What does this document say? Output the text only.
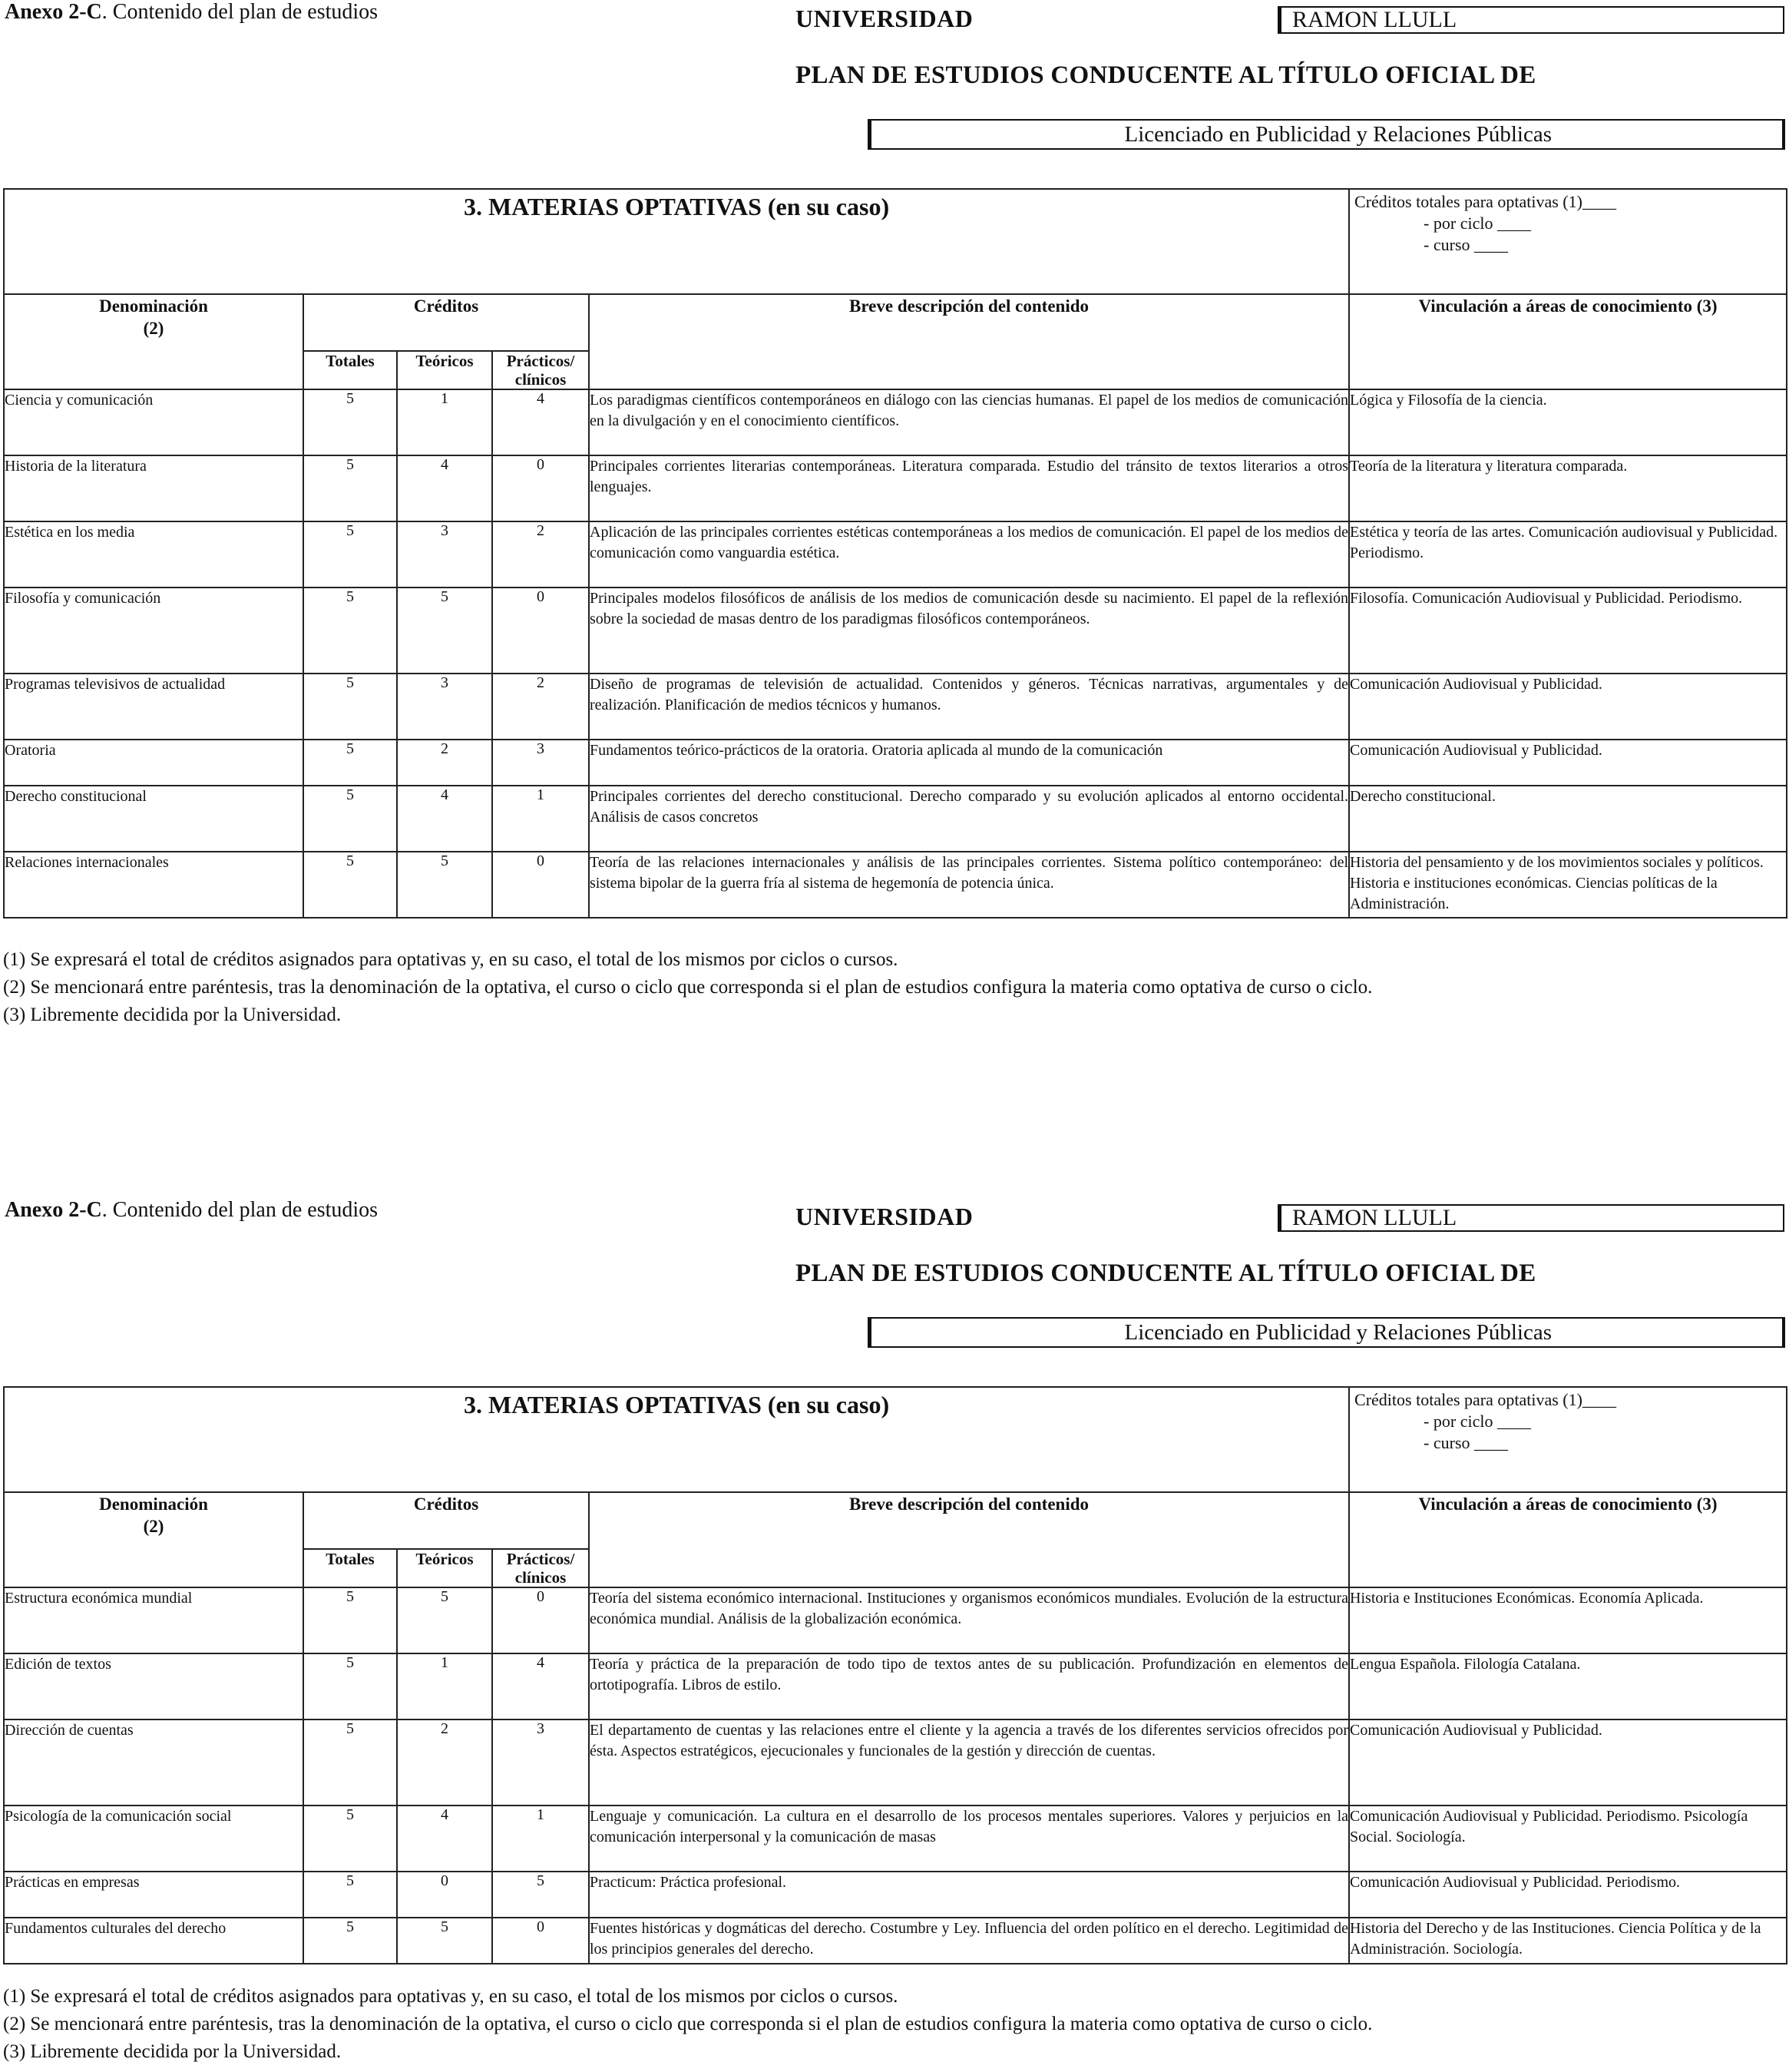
Anexo 2-C. Contenido del plan de estudios	UNIVERSIDAD	RAMON LLULL
PLAN DE ESTUDIOS CONDUCENTE AL TÍTULO OFICIAL DE
Licenciado en Publicidad y Relaciones Públicas
3. MATERIAS OPTATIVAS (en su caso)					Créditos totales para optativas (1)____
- por ciclo ____
- curso ____

Denominación
(2)	Créditos			Breve descripción del contenido	Vinculación a áreas de conocimiento (3)
	Totales	Teóricos	Prácticos/ clínicos		
Ciencia y comunicación	5	1	4	Los paradigmas científicos contemporáneos en diálogo con las ciencias humanas. El papel de los medios de comunicación en la divulgación y en el conocimiento científicos.	Lógica y Filosofía de la ciencia.
Historia de la literatura	5	4	0	Principales corrientes literarias contemporáneas. Literatura comparada. Estudio del tránsito de textos literarios a otros lenguajes.	Teoría de la literatura y literatura comparada.
Estética en los media	5	3	2	Aplicación de las principales corrientes estéticas contemporáneas a los medios de comunicación. El papel de los medios de comunicación como vanguardia estética.	Estética y teoría de las artes. Comunicación audiovisual y Publicidad. Periodismo.
Filosofía y comunicación	5	5	0	Principales modelos filosóficos de análisis de los medios de comunicación desde su nacimiento. El papel de la reflexión sobre la sociedad de masas dentro de los paradigmas filosóficos contemporáneos.	Filosofía. Comunicación Audiovisual y Publicidad. Periodismo.
Programas televisivos de actualidad	5	3	2	Diseño de programas de televisión de actualidad. Contenidos y géneros. Técnicas narrativas, argumentales y de realización. Planificación de medios técnicos y humanos.	Comunicación Audiovisual y Publicidad.
Oratoria	5	2	3	Fundamentos teórico-prácticos de la oratoria. Oratoria aplicada al mundo de la comunicación	Comunicación Audiovisual y Publicidad.
Derecho constitucional	5	4	1	Principales corrientes del derecho constitucional. Derecho comparado y su evolución aplicados al entorno occidental. Análisis de casos concretos	Derecho constitucional.
Relaciones internacionales	5	5	0	Teoría de las relaciones internacionales y análisis de las principales corrientes. Sistema político contemporáneo: del sistema bipolar de la guerra fría al sistema de hegemonía de potencia única.	Historia del pensamiento y de los movimientos sociales y políticos. Historia e instituciones económicas. Ciencias políticas de la Administración.
(1) Se expresará el total de créditos asignados para optativas y, en su caso, el total de los mismos por ciclos o cursos.
(2) Se mencionará entre paréntesis, tras la denominación de la optativa, el curso o ciclo que corresponda si el plan de estudios configura la materia como optativa de curso o ciclo.
(3) Libremente decidida por la Universidad.
Anexo 2-C. Contenido del plan de estudios	UNIVERSIDAD	RAMON LLULL
PLAN DE ESTUDIOS CONDUCENTE AL TÍTULO OFICIAL DE
Licenciado en Publicidad y Relaciones Públicas
3. MATERIAS OPTATIVAS (en su caso)					Créditos totales para optativas (1)____
- por ciclo ____
- curso ____

Denominación
(2)	Créditos			Breve descripción del contenido	Vinculación a áreas de conocimiento (3)
	Totales	Teóricos	Prácticos/ clínicos		
Estructura económica mundial	5	5	0	Teoría del sistema económico internacional. Instituciones y organismos económicos mundiales. Evolución de la estructura económica mundial. Análisis de la globalización económica.	Historia e Instituciones Económicas. Economía Aplicada.
Edición de textos	5	1	4	Teoría y práctica de la preparación de todo tipo de textos antes de su publicación. Profundización en elementos de ortotipografía. Libros de estilo.	Lengua Española. Filología Catalana.
Dirección de cuentas	5	2	3	El departamento de cuentas y las relaciones entre el cliente y la agencia a través de los diferentes servicios ofrecidos por ésta. Aspectos estratégicos, ejecucionales y funcionales de la gestión y dirección de cuentas.	Comunicación Audiovisual y Publicidad.
Psicología de la comunicación social	5	4	1	Lenguaje y comunicación. La cultura en el desarrollo de los procesos mentales superiores. Valores y perjuicios en la comunicación interpersonal y la comunicación de masas	Comunicación Audiovisual y Publicidad. Periodismo. Psicología Social. Sociología.
Prácticas en empresas	5	0	5	Practicum: Práctica profesional.	Comunicación Audiovisual y Publicidad. Periodismo.
Fundamentos culturales del derecho	5	5	0	Fuentes históricas y dogmáticas del derecho. Costumbre y Ley. Influencia del orden político en el derecho. Legitimidad de los principios generales del derecho.	Historia del Derecho y de las Instituciones. Ciencia Política y de la Administración. Sociología.
(1) Se expresará el total de créditos asignados para optativas y, en su caso, el total de los mismos por ciclos o cursos.
(2) Se mencionará entre paréntesis, tras la denominación de la optativa, el curso o ciclo que corresponda si el plan de estudios configura la materia como optativa de curso o ciclo.
(3) Libremente decidida por la Universidad.
